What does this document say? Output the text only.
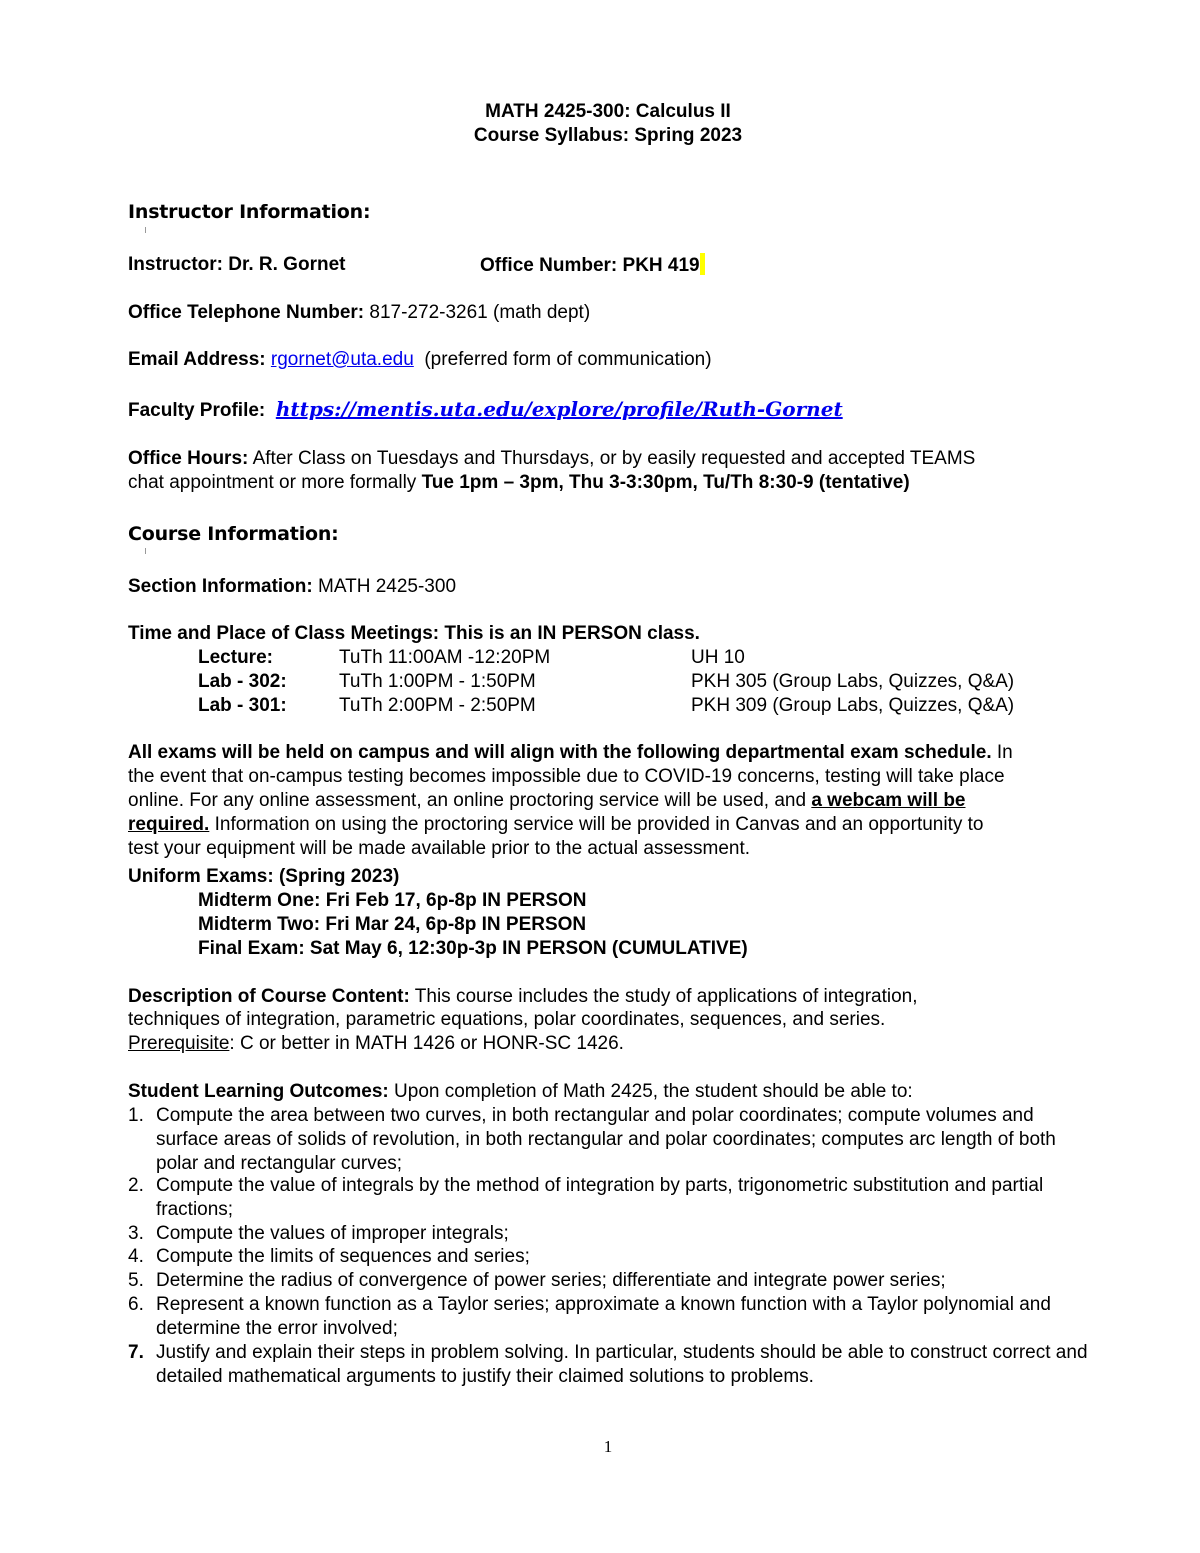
MATH 2425-300: Calculus II
Course Syllabus: Spring 2023
Instructor Information:
Instructor: Dr. R. Gornet	Office Number: PKH 419
Office Telephone Number: 817-272-3261 (math dept)
Email Address: rgornet@uta.edu (preferred form of communication)
Faculty Profile: https://mentis.uta.edu/explore/profile/Ruth-Gornet
Office Hours: After Class on Tuesdays and Thursdays, or by easily requested and accepted TEAMS
chat appointment or more formally Tue 1pm – 3pm, Thu 3-3:30pm, Tu/Th 8:30-9 (tentative)
Course Information:
Section Information: MATH 2425-300
Time and Place of Class Meetings: This is an IN PERSON class.
Lecture:	TuTh 11:00AM -12:20PM	UH 10
Lab - 302:	TuTh 1:00PM - 1:50PM	PKH 305 (Group Labs, Quizzes, Q&A)
Lab - 301:	TuTh 2:00PM - 2:50PM	PKH 309 (Group Labs, Quizzes, Q&A)
All exams will be held on campus and will align with the following departmental exam schedule. In
the event that on-campus testing becomes impossible due to COVID-19 concerns, testing will take place
online. For any online assessment, an online proctoring service will be used, and a webcam will be
required. Information on using the proctoring service will be provided in Canvas and an opportunity to
test your equipment will be made available prior to the actual assessment.
Uniform Exams: (Spring 2023)
Midterm One: Fri Feb 17, 6p-8p IN PERSON
Midterm Two: Fri Mar 24, 6p-8p IN PERSON
Final Exam: Sat May 6, 12:30p-3p IN PERSON (CUMULATIVE)
Description of Course Content: This course includes the study of applications of integration,
techniques of integration, parametric equations, polar coordinates, sequences, and series.
Prerequisite: C or better in MATH 1426 or HONR-SC 1426.
Student Learning Outcomes: Upon completion of Math 2425, the student should be able to:
1. Compute the area between two curves, in both rectangular and polar coordinates; compute volumes and surface areas of solids of revolution, in both rectangular and polar coordinates; computes arc length of both polar and rectangular curves;
2. Compute the value of integrals by the method of integration by parts, trigonometric substitution and partial fractions;
3. Compute the values of improper integrals;
4. Compute the limits of sequences and series;
5. Determine the radius of convergence of power series; differentiate and integrate power series;
6. Represent a known function as a Taylor series; approximate a known function with a Taylor polynomial and determine the error involved;
7. Justify and explain their steps in problem solving. In particular, students should be able to construct correct and detailed mathematical arguments to justify their claimed solutions to problems.
1
